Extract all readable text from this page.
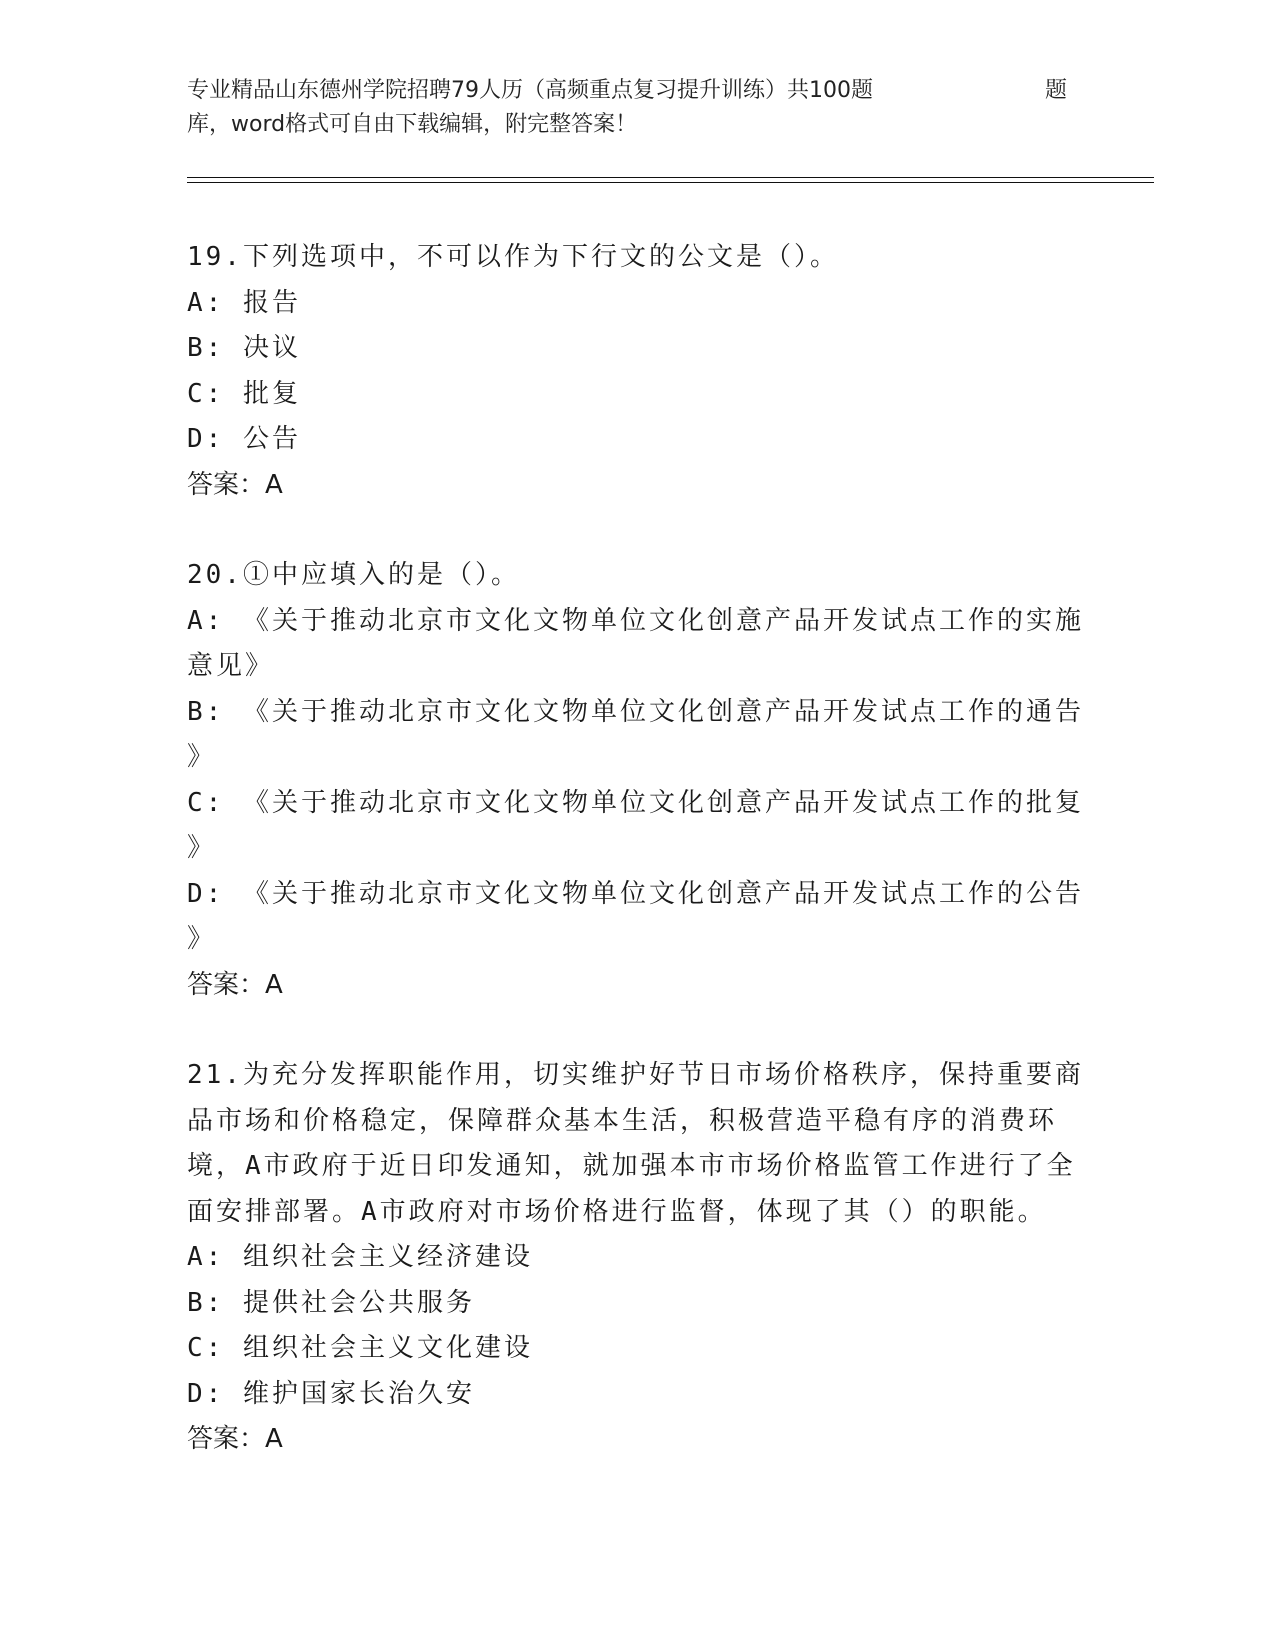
专业精品山东德州学院招聘79人历（高频重点复习提升训练）共100题	题
库，word格式可自由下载编辑，附完整答案！
19.下列选项中，不可以作为下行文的公文是（）。
A: 报告
B: 决议
C: 批复
D: 公告
答案：A
20.①中应填入的是（）。
A: 《关于推动北京市文化文物单位文化创意产品开发试点工作的实施
意见》
B: 《关于推动北京市文化文物单位文化创意产品开发试点工作的通告
》
C: 《关于推动北京市文化文物单位文化创意产品开发试点工作的批复
》
D: 《关于推动北京市文化文物单位文化创意产品开发试点工作的公告
》
答案：A
21.为充分发挥职能作用，切实维护好节日市场价格秩序，保持重要商
品市场和价格稳定，保障群众基本生活，积极营造平稳有序的消费环
境，A市政府于近日印发通知，就加强本市市场价格监管工作进行了全
面安排部署。A市政府对市场价格进行监督，体现了其（）的职能。
A: 组织社会主义经济建设
B: 提供社会公共服务
C: 组织社会主义文化建设
D: 维护国家长治久安
答案：A
